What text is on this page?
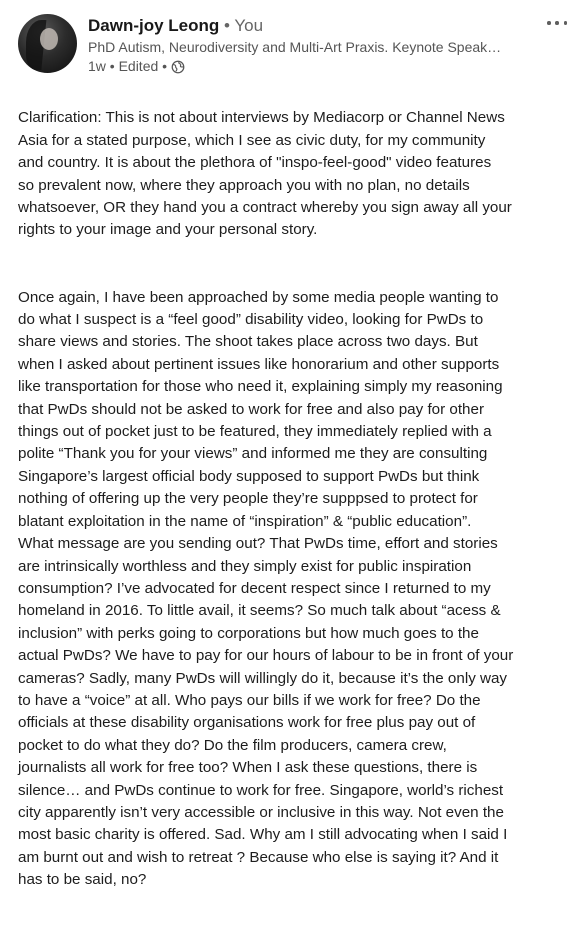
Dawn-joy Leong • You
PhD Autism, Neurodiversity and Multi-Art Praxis. Keynote Speak…
1w • Edited •

Clarification: This is not about interviews by Mediacorp or Channel News
Asia for a stated purpose, which I see as civic duty, for my community
and country. It is about the plethora of "inspo-feel-good" video features
so prevalent now, where they approach you with no plan, no details
whatsoever, OR they hand you a contract whereby you sign away all your
rights to your image and your personal story.

Once again, I have been approached by some media people wanting to
do what I suspect is a “feel good” disability video, looking for PwDs to
share views and stories. The shoot takes place across two days. But
when I asked about pertinent issues like honorarium and other supports
like transportation for those who need it, explaining simply my reasoning
that PwDs should not be asked to work for free and also pay for other
things out of pocket just to be featured, they immediately replied with a
polite “Thank you for your views” and informed me they are consulting
Singapore’s largest official body supposed to support PwDs but think
nothing of offering up the very people they’re supppsed to protect for
blatant exploitation in the name of “inspiration” & “public education”.
What message are you sending out? That PwDs time, effort and stories
are intrinsically worthless and they simply exist for public inspiration
consumption? I’ve advocated for decent respect since I returned to my
homeland in 2016. To little avail, it seems? So much talk about “acess &
inclusion” with perks going to corporations but how much goes to the
actual PwDs? We have to pay for our hours of labour to be in front of your
cameras? Sadly, many PwDs will willingly do it, because it’s the only way
to have a “voice” at all. Who pays our bills if we work for free? Do the
officials at these disability organisations work for free plus pay out of
pocket to do what they do? Do the film producers, camera crew,
journalists all work for free too? When I ask these questions, there is
silence… and PwDs continue to work for free. Singapore, world’s richest
city apparently isn’t very accessible or inclusive in this way. Not even the
most basic charity is offered. Sad. Why am I still advocating when I said I
am burnt out and wish to retreat ? Because who else is saying it? And it
has to be said, no?
